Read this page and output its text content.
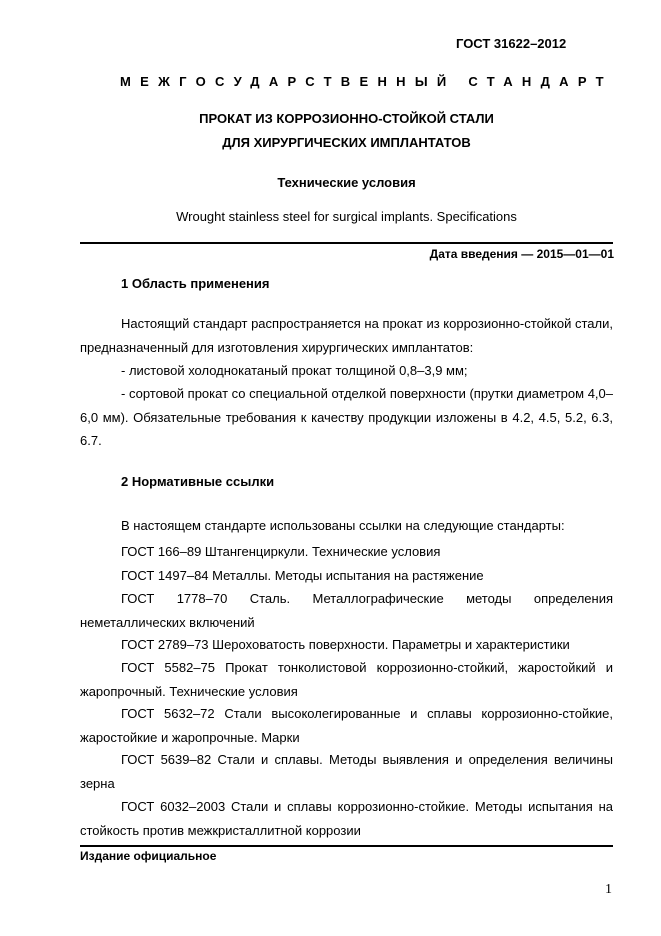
ГОСТ 31622–2012
МЕЖГОСУДАРСТВЕННЫЙ СТАНДАРТ
ПРОКАТ ИЗ КОРРОЗИОННО-СТОЙКОЙ СТАЛИ
ДЛЯ ХИРУРГИЧЕСКИХ ИМПЛАНТАТОВ
Технические условия
Wrought stainless steel for surgical implants. Specifications
Дата введения — 2015—01—01
1 Область применения
Настоящий стандарт распространяется на прокат из коррозионно-стойкой стали, предназначенный для изготовления хирургических имплантатов:
- листовой холоднокатаный прокат толщиной 0,8–3,9 мм;
- сортовой прокат со специальной отделкой поверхности (прутки диаметром 4,0–6,0 мм). Обязательные требования к качеству продукции изложены в 4.2, 4.5, 5.2, 6.3, 6.7.
2 Нормативные ссылки
В настоящем стандарте использованы ссылки на следующие стандарты:
ГОСТ 166–89 Штангенциркули. Технические условия
ГОСТ 1497–84 Металлы. Методы испытания на растяжение
ГОСТ 1778–70 Сталь. Металлографические методы определения неметаллических включений
ГОСТ 2789–73 Шероховатость поверхности. Параметры и характеристики
ГОСТ 5582–75 Прокат тонколистовой коррозионно-стойкий, жаростойкий и жаропрочный. Технические условия
ГОСТ 5632–72 Стали высоколегированные и сплавы коррозионно-стойкие, жаростойкие и жаропрочные. Марки
ГОСТ 5639–82 Стали и сплавы. Методы выявления и определения величины зерна
ГОСТ 6032–2003 Стали и сплавы коррозионно-стойкие. Методы испытания на стойкость против межкристаллитной коррозии
Издание официальное
1
